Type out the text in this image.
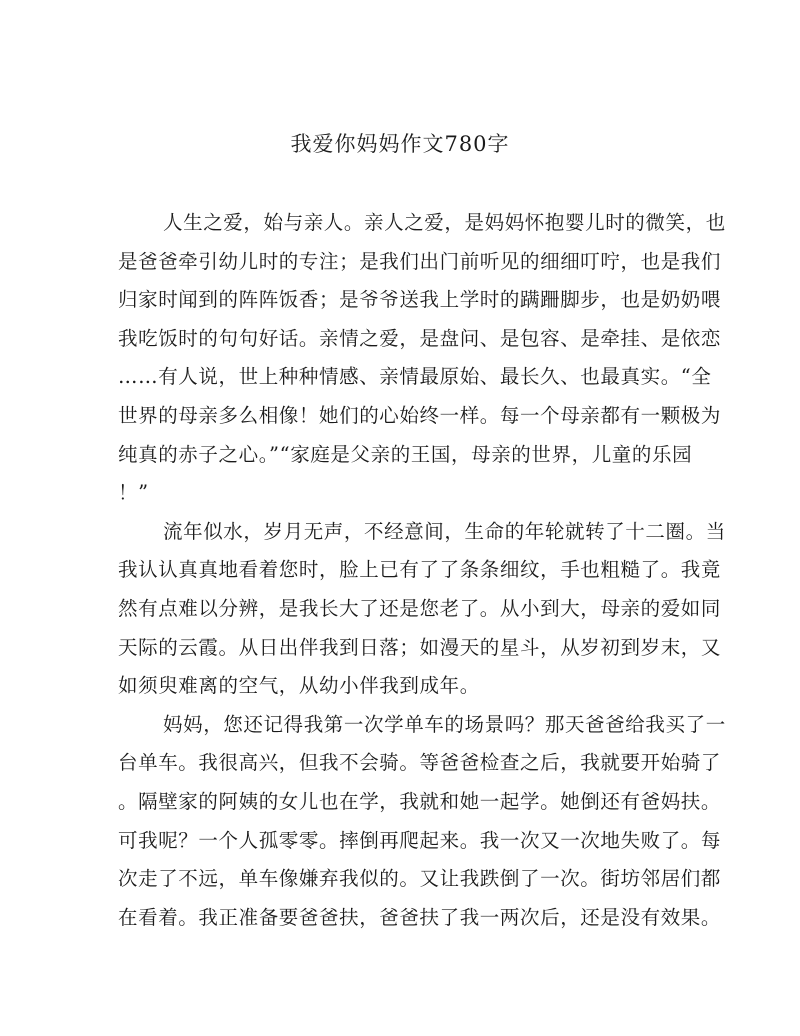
我爱你妈妈作文780字
人生之爱，始与亲人。亲人之爱，是妈妈怀抱婴儿时的微笑，也
是爸爸牵引幼儿时的专注；是我们出门前听见的细细叮咛，也是我们
归家时闻到的阵阵饭香；是爷爷送我上学时的蹒跚脚步，也是奶奶喂
我吃饭时的句句好话。亲情之爱，是盘问、是包容、是牵挂、是依恋
……有人说，世上种种情感、亲情最原始、最长久、也最真实。“全
世界的母亲多么相像！她们的心始终一样。每一个母亲都有一颗极为
纯真的赤子之心。”“家庭是父亲的王国，母亲的世界，儿童的乐园
！”
流年似水，岁月无声，不经意间，生命的年轮就转了十二圈。当
我认认真真地看着您时，脸上已有了了条条细纹，手也粗糙了。我竟
然有点难以分辨，是我长大了还是您老了。从小到大，母亲的爱如同
天际的云霞。从日出伴我到日落；如漫天的星斗，从岁初到岁末，又
如须臾难离的空气，从幼小伴我到成年。
妈妈，您还记得我第一次学单车的场景吗？那天爸爸给我买了一
台单车。我很高兴，但我不会骑。等爸爸检查之后，我就要开始骑了
。隔壁家的阿姨的女儿也在学，我就和她一起学。她倒还有爸妈扶。
可我呢？一个人孤零零。摔倒再爬起来。我一次又一次地失败了。每
次走了不远，单车像嫌弃我似的。又让我跌倒了一次。街坊邻居们都
在看着。我正准备要爸爸扶，爸爸扶了我一两次后，还是没有效果。
